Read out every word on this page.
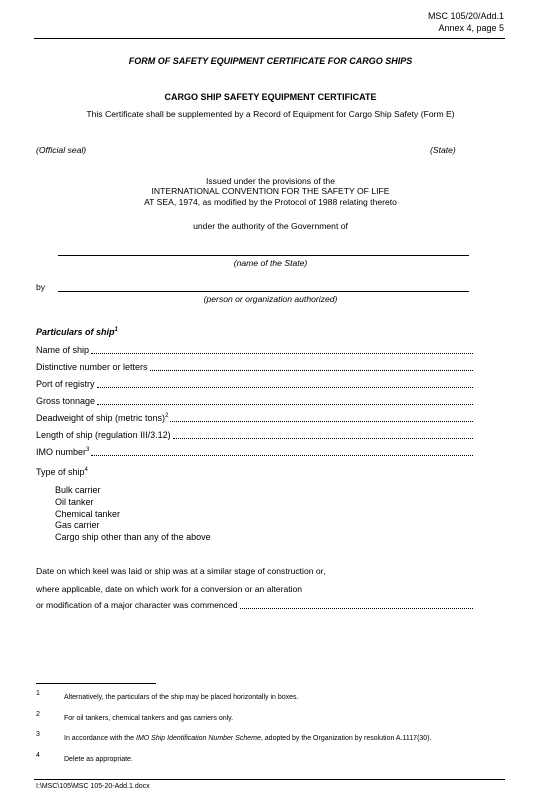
MSC 105/20/Add.1
Annex 4, page 5
FORM OF SAFETY EQUIPMENT CERTIFICATE FOR CARGO SHIPS
CARGO SHIP SAFETY EQUIPMENT CERTIFICATE
This Certificate shall be supplemented by a Record of Equipment for Cargo Ship Safety (Form E)
(Official seal)	(State)
Issued under the provisions of the
INTERNATIONAL CONVENTION FOR THE SAFETY OF LIFE
AT SEA, 1974, as modified by the Protocol of 1988 relating thereto
under the authority of the Government of
(name of the State)
by
(person or organization authorized)
Particulars of ship$^1$
Name of ship
Distinctive number or letters
Port of registry
Gross tonnage
Deadweight of ship (metric tons)$^2$
Length of ship (regulation III/3.12)
IMO number$^3$
Type of ship$^4$
Bulk carrier
Oil tanker
Chemical tanker
Gas carrier
Cargo ship other than any of the above
Date on which keel was laid or ship was at a similar stage of construction or,
where applicable, date on which work for a conversion or an alteration
or modification of a major character was commenced
1
Alternatively, the particulars of the ship may be placed horizontally in boxes.
2
For oil tankers, chemical tankers and gas carriers only.
3
In accordance with the IMO Ship Identification Number Scheme, adopted by the Organization by resolution A.1117(30).
4
Delete as appropriate.
I:\MSC\105\MSC 105-20-Add.1.docx
